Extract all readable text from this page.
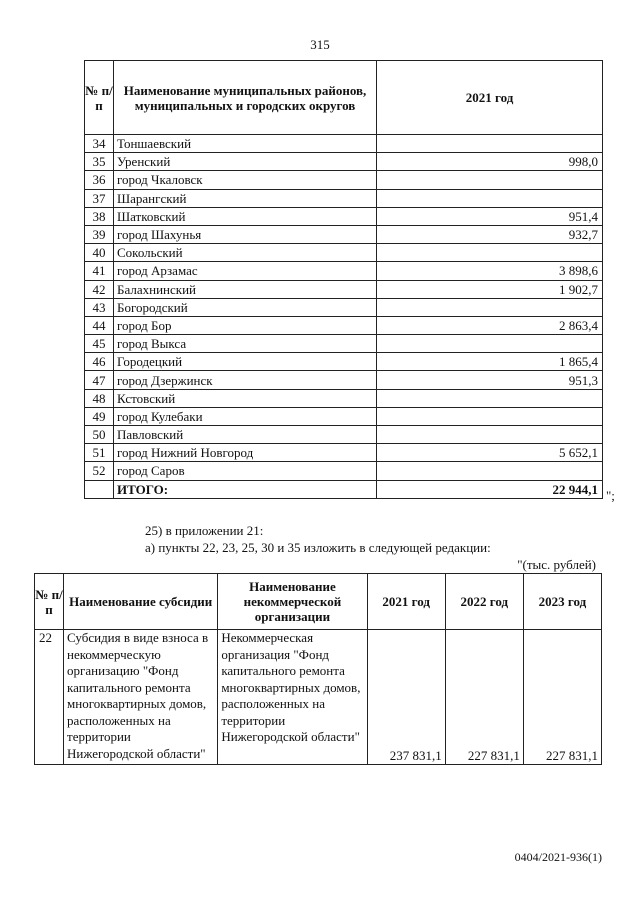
315
№ п/п	Наименование муниципальных районов, муниципальных и городских округов	2021 год
34	Тоншаевский	
35	Уренский	998,0
36	город Чкаловск	
37	Шарангский	
38	Шатковский	951,4
39	город Шахунья	932,7
40	Сокольский	
41	город Арзамас	3 898,6
42	Балахнинский	1 902,7
43	Богородский	
44	город Бор	2 863,4
45	город Выкса	
46	Городецкий	1 865,4
47	город Дзержинск	951,3
48	Кстовский	
49	город Кулебаки	
50	Павловский	
51	город Нижний Новгород	5 652,1
52	город Саров	
	ИТОГО:	22 944,1 ";
25) в приложении 21:
а) пункты 22, 23, 25, 30 и 35 изложить в следующей редакции:
"(тыс. рублей)
№ п/п	Наименование субсидии	Наименование некоммерческой организации	2021 год	2022 год	2023 год
22	Субсидия в виде взноса в некоммерческую организацию "Фонд капитального ремонта многоквартирных домов, расположенных на территории Нижегородской области"	Некоммерческая организация "Фонд капитального ремонта многоквартирных домов, расположенных на территории Нижегородской области"	237 831,1	227 831,1	227 831,1
0404/2021-936(1)
